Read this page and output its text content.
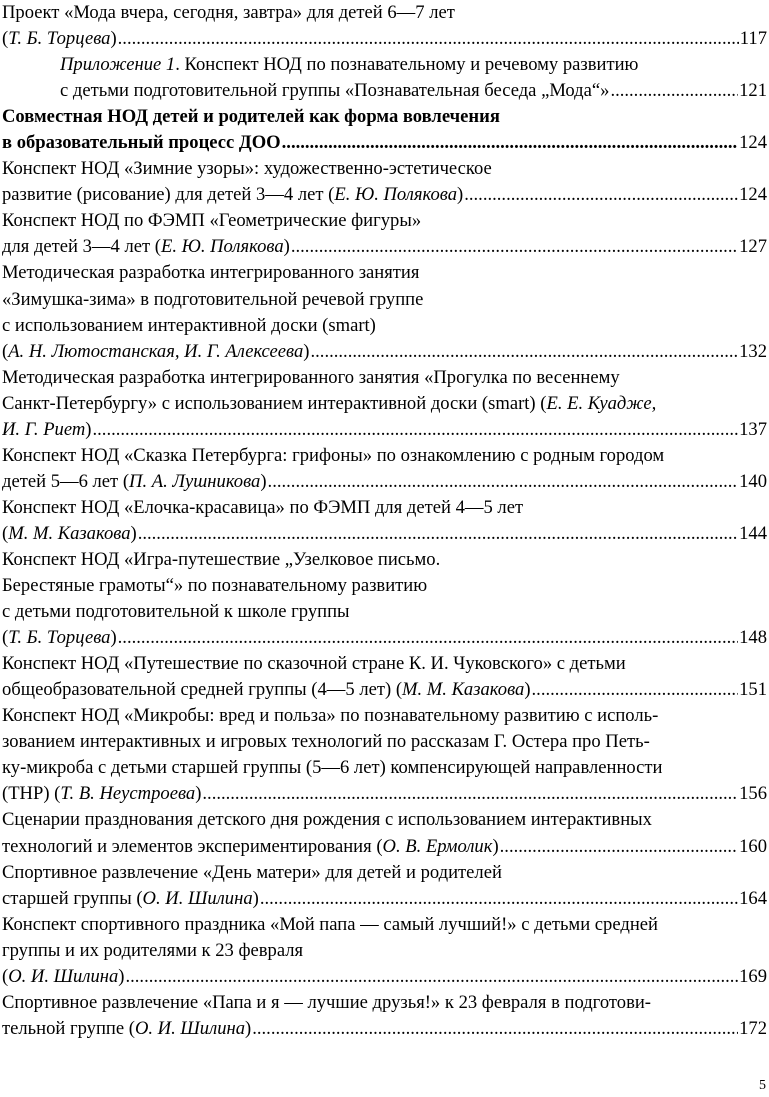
Проект «Мода вчера, сегодня, завтра» для детей 6—7 лет
(Т. Б. Торцева) .....	117
Приложение 1. Конспект НОД по познавательному и речевому развитию
с детьми подготовительной группы «Познавательная беседа „Мода“» .....	121
Совместная НОД детей и родителей как форма вовлечения
в образовательный процесс ДОО .....	124
Конспект НОД «Зимние узоры»: художественно-эстетическое
развитие (рисование) для детей 3—4 лет (Е. Ю. Полякова) .....	124
Конспект НОД по ФЭМП «Геометрические фигуры»
для детей 3—4 лет (Е. Ю. Полякова) .....	127
Методическая разработка интегрированного занятия
«Зимушка-зима» в подготовительной речевой группе
с использованием интерактивной доски (smart)
(А. Н. Лютостанская, И. Г. Алексеева) .....	132
Методическая разработка интегрированного занятия «Прогулка по весеннему
Санкт-Петербургу» с использованием интерактивной доски (smart) (Е. Е. Куадже,
И. Г. Риет) .....	137
Конспект НОД «Сказка Петербурга: грифоны» по ознакомлению с родным городом
детей 5—6 лет (П. А. Лушникова) .....	140
Конспект НОД «Елочка-красавица» по ФЭМП для детей 4—5 лет
(М. М. Казакова) .....	144
Конспект НОД «Игра-путешествие „Узелковое письмо.
Берестяные грамоты“» по познавательному развитию
с детьми подготовительной к школе группы
(Т. Б. Торцева) .....	148
Конспект НОД «Путешествие по сказочной стране К. И. Чуковского» с детьми
общеобразовательной средней группы (4—5 лет) (М. М. Казакова) .....	151
Конспект НОД «Микробы: вред и польза» по познавательному развитию с исполь-
зованием интерактивных и игровых технологий по рассказам Г. Остера про Петь-
ку-микроба с детьми старшей группы (5—6 лет) компенсирующей направленности
(ТНР) (Т. В. Неустроева) .....	156
Сценарии празднования детского дня рождения с использованием интерактивных
технологий и элементов экспериментирования (О. В. Ермолик) .....	160
Спортивное развлечение «День матери» для детей и родителей
старшей группы (О. И. Шилина) .....	164
Конспект спортивного праздника «Мой папа — самый лучший!» с детьми средней
группы и их родителями к 23 февраля
(О. И. Шилина) .....	169
Спортивное развлечение «Папа и я — лучшие друзья!» к 23 февраля в подготови-
тельной группе (О. И. Шилина) .....	172
5
